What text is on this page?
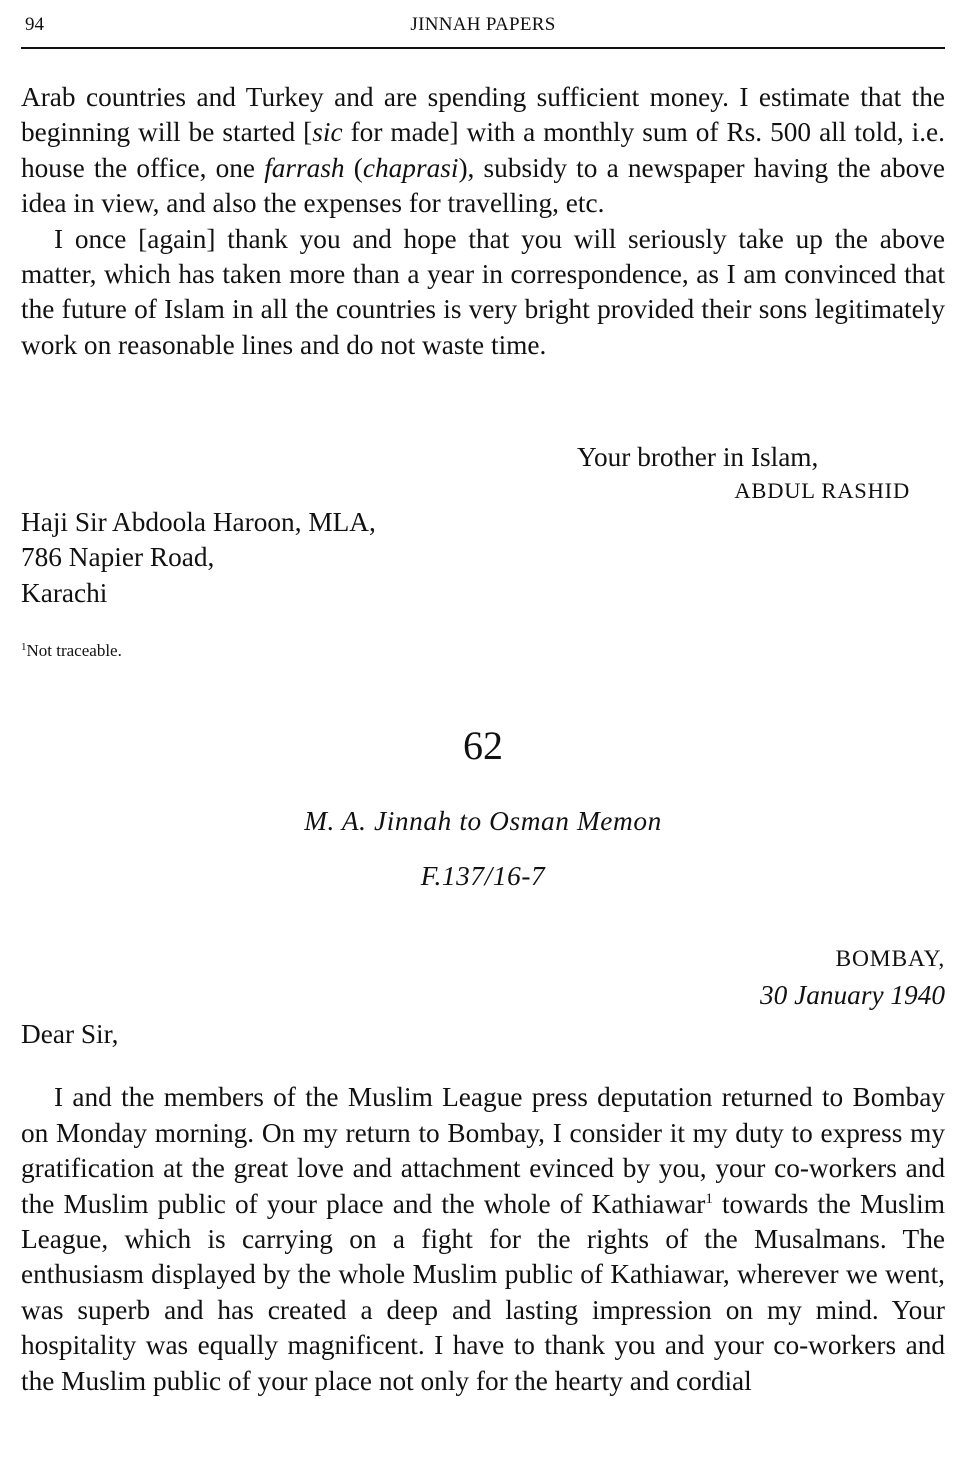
94	JINNAH PAPERS

Arab countries and Turkey and are spending sufficient money. I estimate that the beginning will be started [sic for made] with a monthly sum of Rs. 500 all told, i.e. house the office, one farrash (chaprasi), subsidy to a newspaper having the above idea in view, and also the expenses for travelling, etc.

I once [again] thank you and hope that you will seriously take up the above matter, which has taken more than a year in correspondence, as I am convinced that the future of Islam in all the countries is very bright provided their sons legitimately work on reasonable lines and do not waste time.

Your brother in Islam,
ABDUL RASHID
Haji Sir Abdoola Haroon, MLA,
786 Napier Road,
Karachi
$^1$Not traceable.
62
M. A. Jinnah to Osman Memon
F.137/16-7
BOMBAY,
30 January 1940
Dear Sir,

I and the members of the Muslim League press deputation returned to Bombay on Monday morning. On my return to Bombay, I consider it my duty to express my gratification at the great love and attachment evinced by you, your co-workers and the Muslim public of your place and the whole of Kathiawar$^1$ towards the Muslim League, which is carrying on a fight for the rights of the Musalmans. The enthusiasm displayed by the whole Muslim public of Kathiawar, wherever we went, was superb and has created a deep and lasting impression on my mind. Your hospitality was equally magnificent. I have to thank you and your co-workers and the Muslim public of your place not only for the hearty and cordial
